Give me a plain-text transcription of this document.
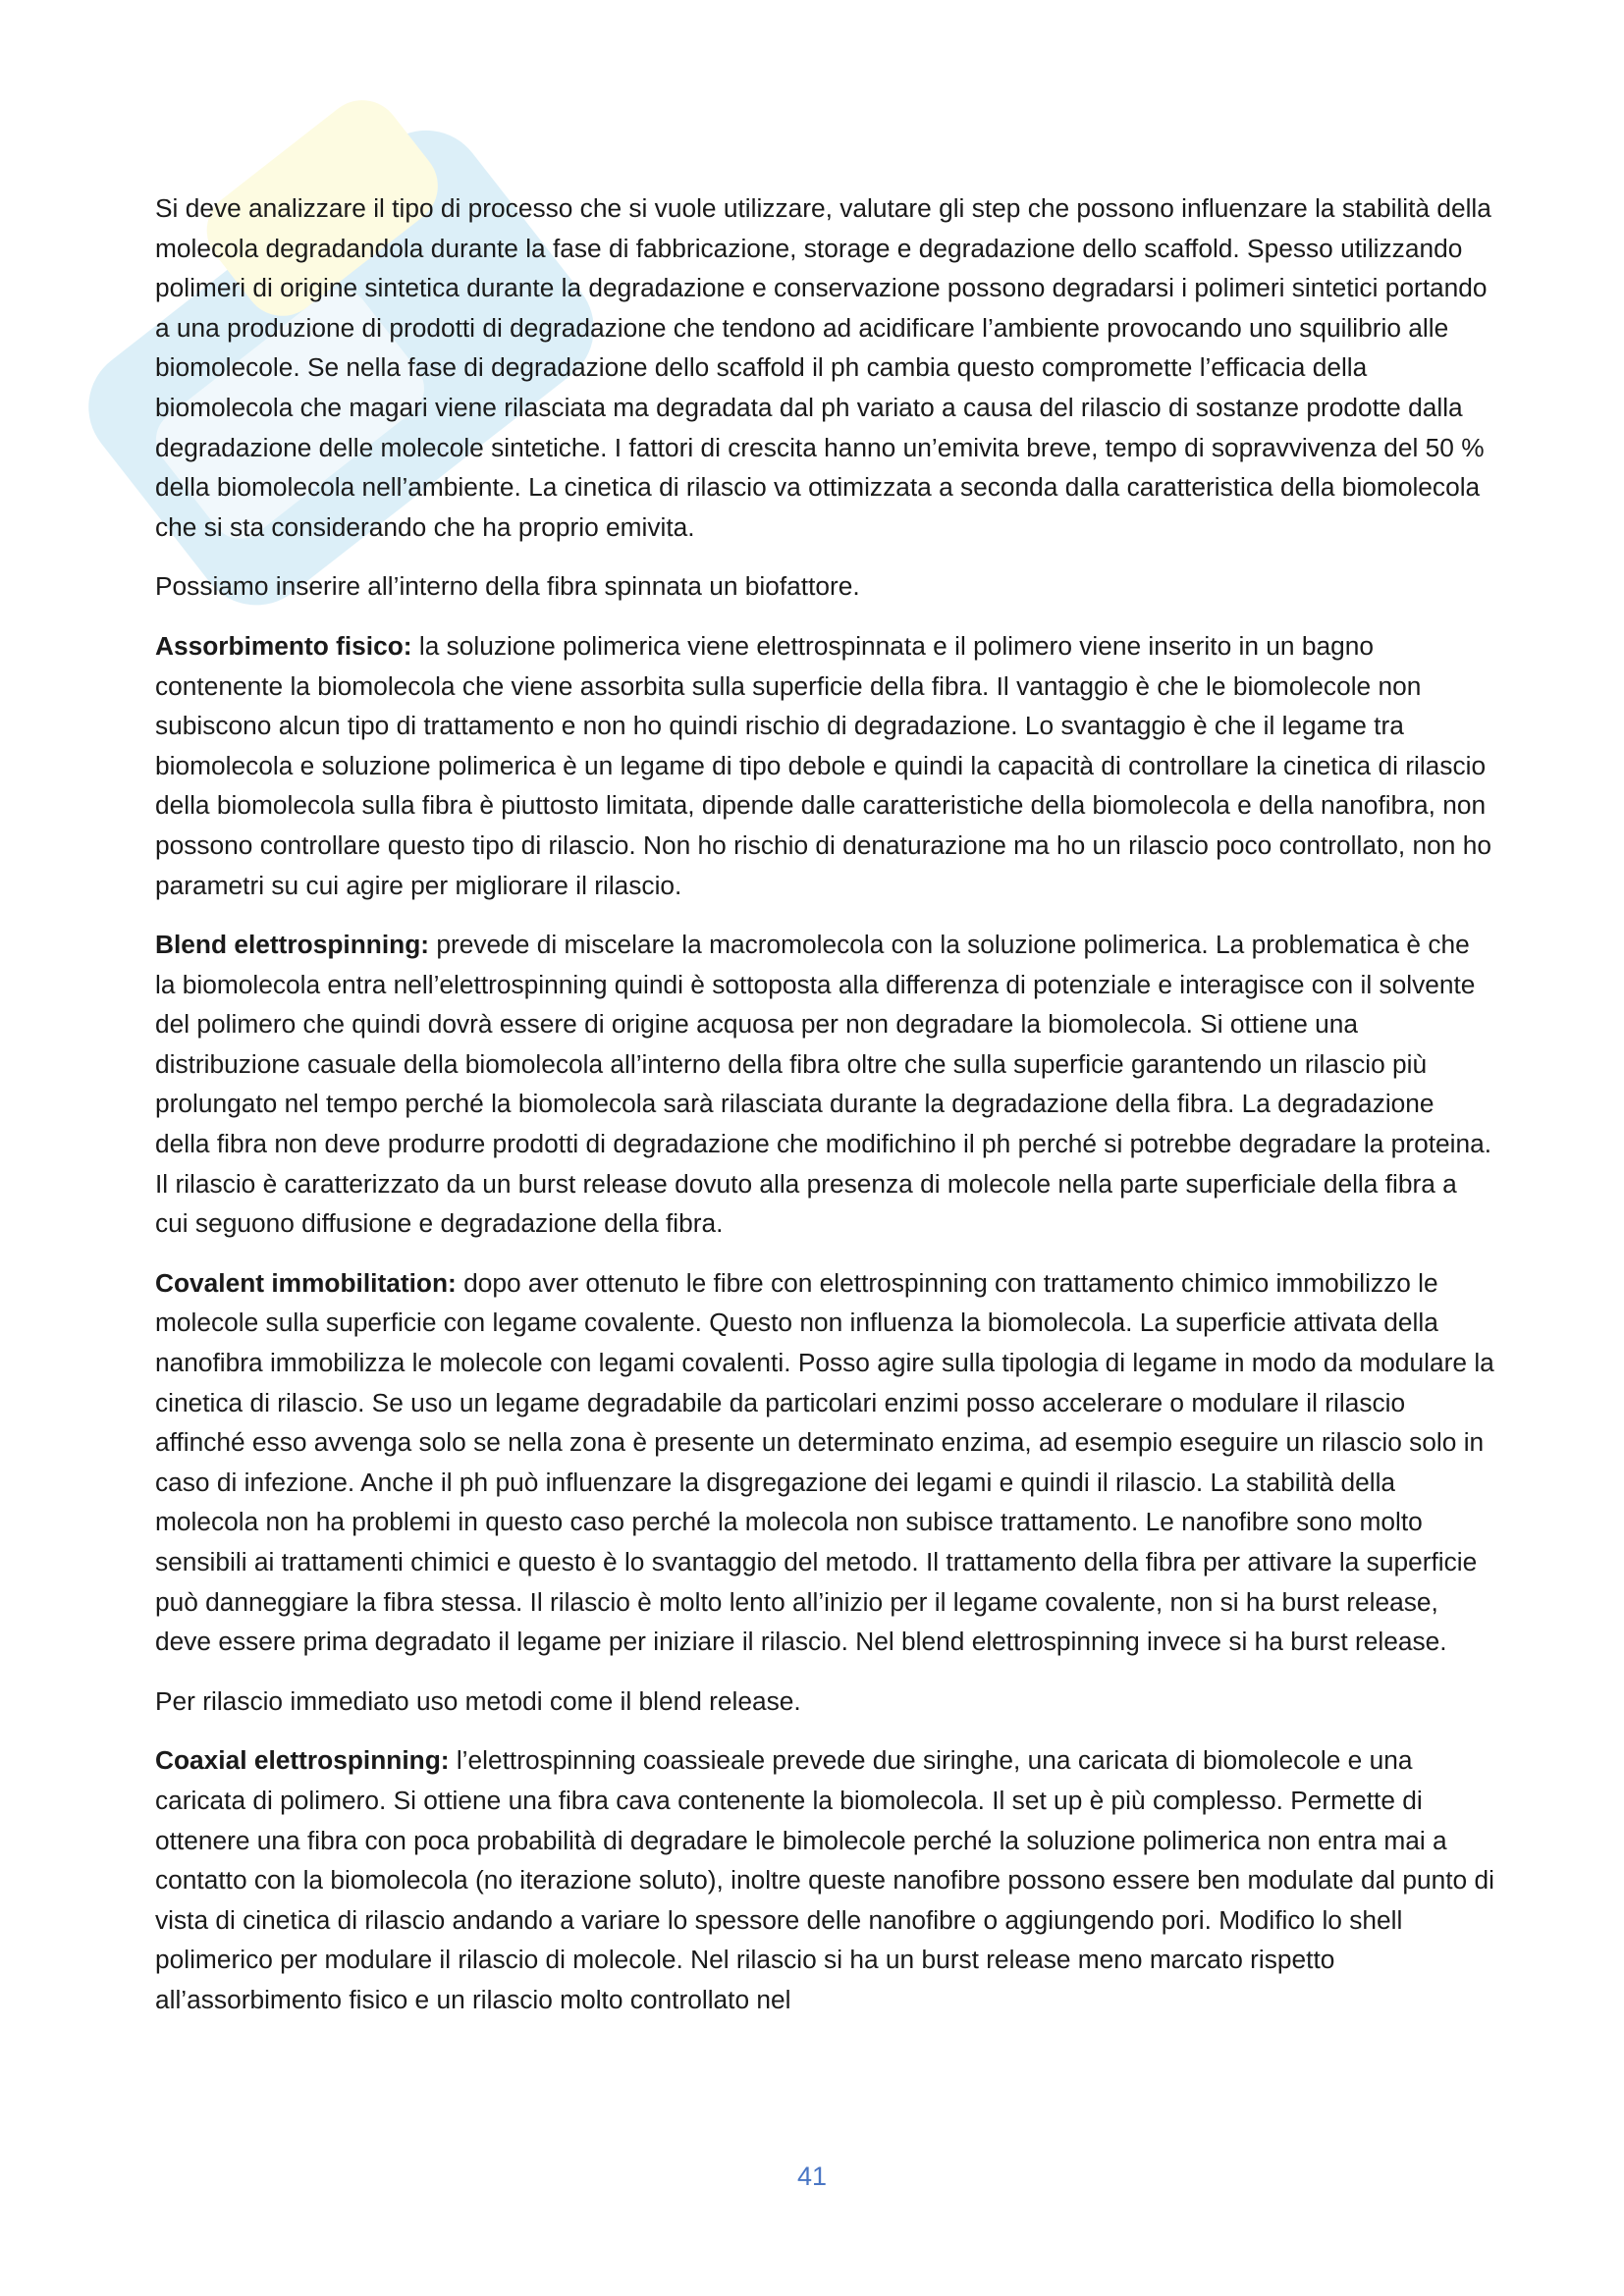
Si deve analizzare il tipo di processo che si vuole utilizzare, valutare gli step che possono influenzare la stabilità della molecola degradandola durante la fase di fabbricazione, storage e degradazione dello scaffold. Spesso utilizzando polimeri di origine sintetica durante la degradazione e conservazione possono degradarsi i polimeri sintetici portando a una produzione di prodotti di degradazione che tendono ad acidificare l’ambiente provocando uno squilibrio alle biomolecole. Se nella fase di degradazione dello scaffold il ph cambia questo compromette l’efficacia della biomolecola che magari viene rilasciata ma degradata dal ph variato a causa del rilascio di sostanze prodotte dalla degradazione delle molecole sintetiche. I fattori di crescita hanno un’emivita breve, tempo di sopravvivenza del 50 % della biomolecola nell’ambiente. La cinetica di rilascio va ottimizzata a seconda dalla caratteristica della biomolecola che si sta considerando che ha proprio emivita.

Possiamo inserire all’interno della fibra spinnata un biofattore.

Assorbimento fisico: la soluzione polimerica viene elettrospinnata e il polimero viene inserito in un bagno contenente la biomolecola che viene assorbita sulla superficie della fibra. Il vantaggio è che le biomolecole non subiscono alcun tipo di trattamento e non ho quindi rischio di degradazione. Lo svantaggio è che il legame tra biomolecola e soluzione polimerica è un legame di tipo debole e quindi la capacità di controllare la cinetica di rilascio della biomolecola sulla fibra è piuttosto limitata, dipende dalle caratteristiche della biomolecola e della nanofibra, non possono controllare questo tipo di rilascio. Non ho rischio di denaturazione ma ho un rilascio poco controllato, non ho parametri su cui agire per migliorare il rilascio.

Blend elettrospinning: prevede di miscelare la macromolecola con la soluzione polimerica. La problematica è che la biomolecola entra nell’elettrospinning quindi è sottoposta alla differenza di potenziale e interagisce con il solvente del polimero che quindi dovrà essere di origine acquosa per non degradare la biomolecola. Si ottiene una distribuzione casuale della biomolecola all’interno della fibra oltre che sulla superficie garantendo un rilascio più prolungato nel tempo perché la biomolecola sarà rilasciata durante la degradazione della fibra. La degradazione della fibra non deve produrre prodotti di degradazione che modifichino il ph perché si potrebbe degradare la proteina. Il rilascio è caratterizzato da un burst release dovuto alla presenza di molecole nella parte superficiale della fibra a cui seguono diffusione e degradazione della fibra.

Covalent immobilitation: dopo aver ottenuto le fibre con elettrospinning con trattamento chimico immobilizzo le molecole sulla superficie con legame covalente. Questo non influenza la biomolecola. La superficie attivata della nanofibra immobilizza le molecole con legami covalenti. Posso agire sulla tipologia di legame in modo da modulare la cinetica di rilascio. Se uso un legame degradabile da particolari enzimi posso accelerare o modulare il rilascio affinché esso avvenga solo se nella zona è presente un determinato enzima, ad esempio eseguire un rilascio solo in caso di infezione. Anche il ph può influenzare la disgregazione dei legami e quindi il rilascio. La stabilità della molecola non ha problemi in questo caso perché la molecola non subisce trattamento. Le nanofibre sono molto sensibili ai trattamenti chimici e questo è lo svantaggio del metodo. Il trattamento della fibra per attivare la superficie può danneggiare la fibra stessa. Il rilascio è molto lento all’inizio per il legame covalente, non si ha burst release, deve essere prima degradato il legame per iniziare il rilascio. Nel blend elettrospinning invece si ha burst release.

Per rilascio immediato uso metodi come il blend release.

Coaxial elettrospinning: l’elettrospinning coassieale prevede due siringhe, una caricata di biomolecole e una caricata di polimero. Si ottiene una fibra cava contenente la biomolecola. Il set up è più complesso. Permette di ottenere una fibra con poca probabilità di degradare le bimolecole perché la soluzione polimerica non entra mai a contatto con la biomolecola (no iterazione soluto), inoltre queste nanofibre possono essere ben modulate dal punto di vista di cinetica di rilascio andando a variare lo spessore delle nanofibre o aggiungendo pori. Modifico lo shell polimerico per modulare il rilascio di molecole. Nel rilascio si ha un burst release meno marcato rispetto all’assorbimento fisico e un rilascio molto controllato nel

41
